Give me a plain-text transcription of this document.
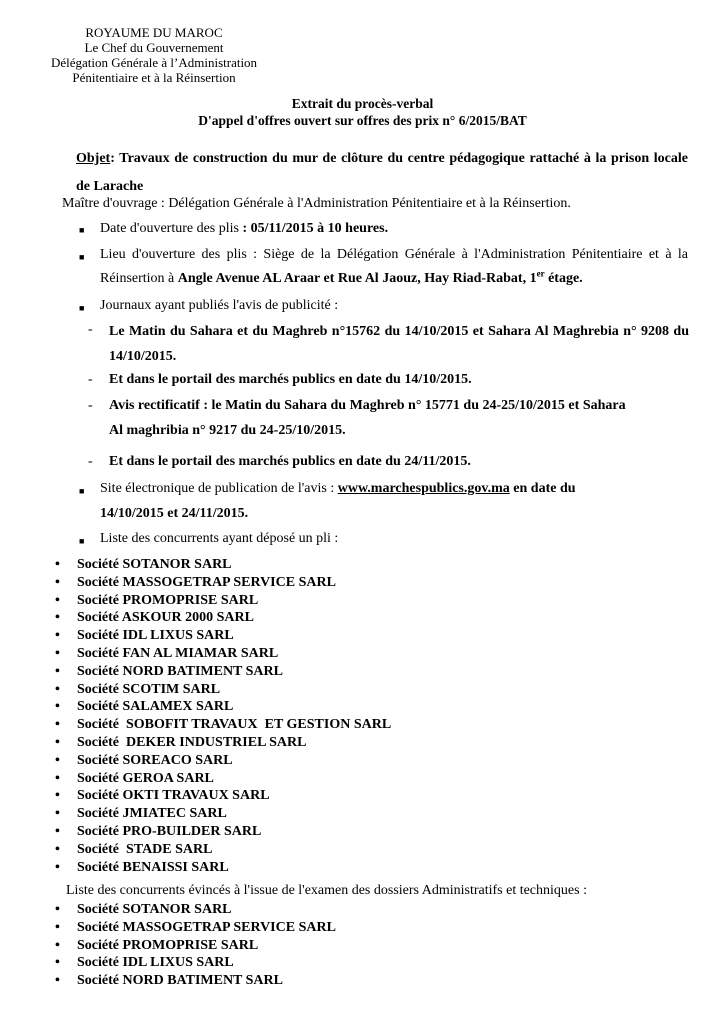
ROYAUME DU MAROC
Le Chef du Gouvernement
Délégation Générale à l’Administration
Pénitentiaire et à la Réinsertion
Extrait du procès-verbal
D'appel d'offres ouvert sur offres des prix n° 6/2015/BAT
Objet: Travaux de construction du mur de clôture du centre pédagogique rattaché à la prison locale de Larache
Maître d'ouvrage : Délégation Générale à l'Administration Pénitentiaire et à la Réinsertion.
■ Date d'ouverture des plis : 05/11/2015 à 10 heures.
■ Lieu d'ouverture des plis : Siège de la Délégation Générale à l'Administration Pénitentiaire et à la Réinsertion à Angle Avenue AL Araar et Rue Al Jaouz, Hay Riad-Rabat, 1er étage.
■ Journaux ayant publiés l'avis de publicité :
- Le Matin du Sahara et du Maghreb n°15762 du 14/10/2015 et Sahara Al Maghrebia n° 9208 du 14/10/2015.
- Et dans le portail des marchés publics en date du 14/10/2015.
- Avis rectificatif : le Matin du Sahara du Maghreb n° 15771 du 24-25/10/2015 et Sahara
Al maghribia n° 9217 du 24-25/10/2015.
- Et dans le portail des marchés publics en date du 24/11/2015.
■ Site électronique de publication de l'avis : www.marchespublics.gov.ma en date du
14/10/2015 et 24/11/2015.
■ Liste des concurrents ayant déposé un pli :
• Société SOTANOR SARL
• Société MASSOGETRAP SERVICE SARL
• Société PROMOPRISE SARL
• Société ASKOUR 2000 SARL
• Société IDL LIXUS SARL
• Société FAN AL MIAMAR SARL
• Société NORD BATIMENT SARL
• Société SCOTIM SARL
• Société SALAMEX SARL
• Société  SOBOFIT TRAVAUX  ET GESTION SARL
• Société  DEKER INDUSTRIEL SARL
• Société SOREACO SARL
• Société GEROA SARL
• Société OKTI TRAVAUX SARL
• Société JMIATEC SARL
• Société PRO-BUILDER SARL
• Société  STADE SARL
• Société BENAISSI SARL
Liste des concurrents évincés à l'issue de l'examen des dossiers Administratifs et techniques :
• Société SOTANOR SARL
• Société MASSOGETRAP SERVICE SARL
• Société PROMOPRISE SARL
• Société IDL LIXUS SARL
• Société NORD BATIMENT SARL
